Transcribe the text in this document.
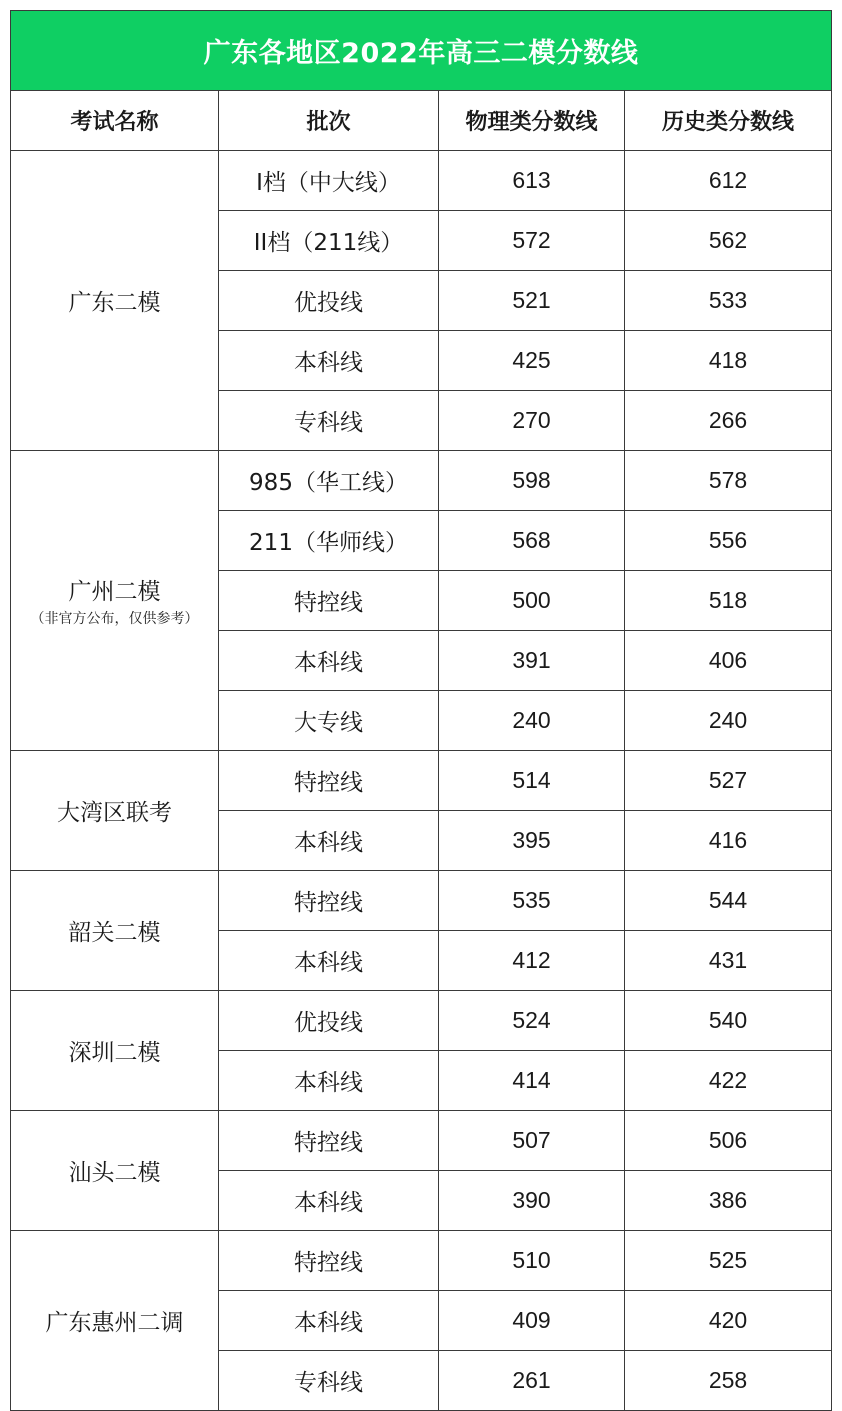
广东各地区2022年高三二模分数线
考试名称	批次	物理类分数线	历史类分数线

广东二模	I档（中大线）	613	612
	II档（211线）	572	562
	优投线	521	533
	本科线	425	418
	专科线	270	266

广州二模
（非官方公布，仅供参考）	985（华工线）	598	578
	211（华师线）	568	556
	特控线	500	518
	本科线	391	406
	大专线	240	240

大湾区联考	特控线	514	527
	本科线	395	416

韶关二模	特控线	535	544
	本科线	412	431

深圳二模	优投线	524	540
	本科线	414	422

汕头二模	特控线	507	506
	本科线	390	386

广东惠州二调	特控线	510	525
	本科线	409	420
	专科线	261	258
